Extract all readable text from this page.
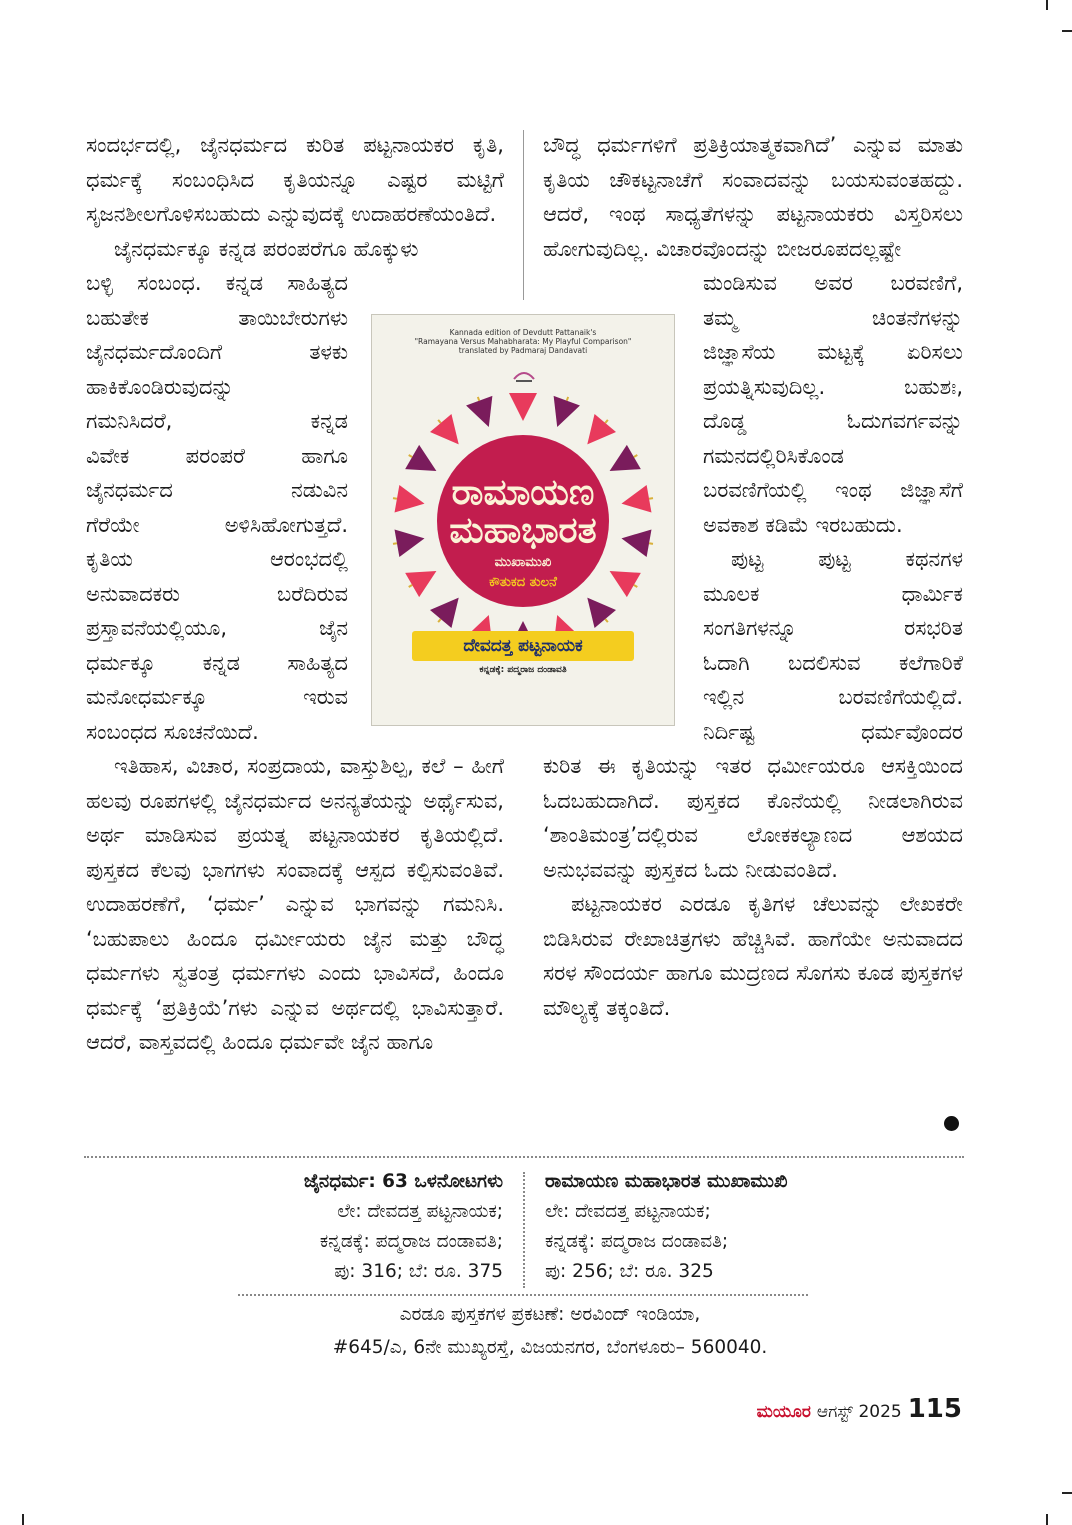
ಸಂದರ್ಭದಲ್ಲಿ, ಜೈನಧರ್ಮದ ಕುರಿತ ಪಟ್ಟನಾಯಕರ ಕೃತಿ, ಧರ್ಮಕ್ಕೆ ಸಂಬಂಧಿಸಿದ ಕೃತಿಯನ್ನೂ ಎಷ್ಟರ ಮಟ್ಟಿಗೆ ಸೃಜನಶೀಲಗೊಳಿಸಬಹುದು ಎನ್ನುವುದಕ್ಕೆ ಉದಾಹರಣೆಯಂತಿದೆ.

ಜೈನಧರ್ಮಕ್ಕೂ ಕನ್ನಡ ಪರಂಪರೆಗೂ ಹೊಕ್ಕುಳು

ಬಳ್ಳಿ ಸಂಬಂಧ. ಕನ್ನಡ ಸಾಹಿತ್ಯದ
ಬಹುತೇಕ ತಾಯಿಬೇರುಗಳು
ಜೈನಧರ್ಮದೊಂದಿಗೆ ತಳಕು
ಹಾಕಿಕೊಂಡಿರುವುದನ್ನು
ಗಮನಿಸಿದರೆ, ಕನ್ನಡ
ವಿವೇಕ ಪರಂಪರೆ ಹಾಗೂ
ಜೈನಧರ್ಮದ ನಡುವಿನ
ಗೆರೆಯೇ ಅಳಿಸಿಹೋಗುತ್ತದೆ.
ಕೃತಿಯ ಆರಂಭದಲ್ಲಿ
ಅನುವಾದಕರು ಬರೆದಿರುವ
ಪ್ರಸ್ತಾವನೆಯಲ್ಲಿಯೂ, ಜೈನ
ಧರ್ಮಕ್ಕೂ ಕನ್ನಡ ಸಾಹಿತ್ಯದ
ಮನೋಧರ್ಮಕ್ಕೂ ಇರುವ
ಸಂಬಂಧದ ಸೂಚನೆಯಿದೆ.

ಇತಿಹಾಸ, ವಿಚಾರ, ಸಂಪ್ರದಾಯ, ವಾಸ್ತುಶಿಲ್ಪ, ಕಲೆ – ಹೀಗೆ ಹಲವು ರೂಪಗಳಲ್ಲಿ ಜೈನಧರ್ಮದ ಅನನ್ಯತೆಯನ್ನು ಅರ್ಥೈಸುವ, ಅರ್ಥ ಮಾಡಿಸುವ ಪ್ರಯತ್ನ ಪಟ್ಟನಾಯಕರ ಕೃತಿಯಲ್ಲಿದೆ. ಪುಸ್ತಕದ ಕೆಲವು ಭಾಗಗಳು ಸಂವಾದಕ್ಕೆ ಆಸ್ಪದ ಕಲ್ಪಿಸುವಂತಿವೆ. ಉದಾಹರಣೆಗೆ, ‘ಧರ್ಮ’ ಎನ್ನುವ ಭಾಗವನ್ನು ಗಮನಿಸಿ. ‘ಬಹುಪಾಲು ಹಿಂದೂ ಧರ್ಮೀಯರು ಜೈನ ಮತ್ತು ಬೌದ್ಧ ಧರ್ಮಗಳು ಸ್ವತಂತ್ರ ಧರ್ಮಗಳು ಎಂದು ಭಾವಿಸದೆ, ಹಿಂದೂ ಧರ್ಮಕ್ಕೆ ‘ಪ್ರತಿಕ್ರಿಯೆ’ಗಳು ಎನ್ನುವ ಅರ್ಥದಲ್ಲಿ ಭಾವಿಸುತ್ತಾರೆ. ಆದರೆ, ವಾಸ್ತವದಲ್ಲಿ ಹಿಂದೂ ಧರ್ಮವೇ ಜೈನ ಹಾಗೂ

ಬೌದ್ಧ ಧರ್ಮಗಳಿಗೆ ಪ್ರತಿಕ್ರಿಯಾತ್ಮಕವಾಗಿದೆ’ ಎನ್ನುವ ಮಾತು ಕೃತಿಯ ಚೌಕಟ್ಟನಾಚೆಗೆ ಸಂವಾದವನ್ನು ಬಯಸುವಂತಹದ್ದು. ಆದರೆ, ಇಂಥ ಸಾಧ್ಯತೆಗಳನ್ನು ಪಟ್ಟನಾಯಕರು ವಿಸ್ತರಿಸಲು ಹೋಗುವುದಿಲ್ಲ. ವಿಚಾರವೊಂದನ್ನು ಬೀಜರೂಪದಲ್ಲಷ್ಟೇ

ಮಂಡಿಸುವ ಅವರ ಬರವಣಿಗೆ,
ತಮ್ಮ ಚಿಂತನೆಗಳನ್ನು
ಜಿಜ್ಞಾಸೆಯ ಮಟ್ಟಕ್ಕೆ ಏರಿಸಲು
ಪ್ರಯತ್ನಿಸುವುದಿಲ್ಲ. ಬಹುಶಃ,
ದೊಡ್ಡ ಓದುಗವರ್ಗವನ್ನು
ಗಮನದಲ್ಲಿರಿಸಿಕೊಂಡ
ಬರವಣಿಗೆಯಲ್ಲಿ ಇಂಥ ಜಿಜ್ಞಾಸೆಗೆ
ಅವಕಾಶ ಕಡಿಮೆ ಇರಬಹುದು.
ಪುಟ್ಟ ಪುಟ್ಟ ಕಥನಗಳ
ಮೂಲಕ ಧಾರ್ಮಿಕ
ಸಂಗತಿಗಳನ್ನೂ ರಸಭರಿತ
ಓದಾಗಿ ಬದಲಿಸುವ ಕಲೆಗಾರಿಕೆ
ಇಲ್ಲಿನ ಬರವಣಿಗೆಯಲ್ಲಿದೆ.
ನಿರ್ದಿಷ್ಟ ಧರ್ಮವೊಂದರ

ಕುರಿತ ಈ ಕೃತಿಯನ್ನು ಇತರ ಧರ್ಮೀಯರೂ ಆಸಕ್ತಿಯಿಂದ ಓದಬಹುದಾಗಿದೆ. ಪುಸ್ತಕದ ಕೊನೆಯಲ್ಲಿ ನೀಡಲಾಗಿರುವ ‘ಶಾಂತಿಮಂತ್ರ’ದಲ್ಲಿರುವ ಲೋಕಕಲ್ಯಾಣದ ಆಶಯದ ಅನುಭವವನ್ನು ಪುಸ್ತಕದ ಓದು ನೀಡುವಂತಿದೆ.

ಪಟ್ಟನಾಯಕರ ಎರಡೂ ಕೃತಿಗಳ ಚೆಲುವನ್ನು ಲೇಖಕರೇ ಬಿಡಿಸಿರುವ ರೇಖಾಚಿತ್ರಗಳು ಹೆಚ್ಚಿಸಿವೆ. ಹಾಗೆಯೇ ಅನುವಾದದ ಸರಳ ಸೌಂದರ್ಯ ಹಾಗೂ ಮುದ್ರಣದ ಸೊಗಸು ಕೂಡ ಪುಸ್ತಕಗಳ ಮೌಲ್ಯಕ್ಕೆ ತಕ್ಕಂತಿದೆ.

Kannada edition of Devdutt Pattanaik's
"Ramayana Versus Mahabharata: My Playful Comparison"
translated by Padmaraj Dandavati
ರಾಮಾಯಣ
ಮಹಾಭಾರತ
ಮುಖಾಮುಖಿ
ಕೌತುಕದ ತುಲನೆ
ದೇವದತ್ತ ಪಟ್ಟನಾಯಕ
ಕನ್ನಡಕ್ಕೆ: ಪದ್ಮರಾಜ ದಂಡಾವತಿ
ಜೈನಧರ್ಮ: 63 ಒಳನೋಟಗಳು
ಲೇ: ದೇವದತ್ತ ಪಟ್ಟನಾಯಕ;
ಕನ್ನಡಕ್ಕೆ: ಪದ್ಮರಾಜ ದಂಡಾವತಿ;
ಪು: 316; ಬೆ: ರೂ. 375
ರಾಮಾಯಣ ಮಹಾಭಾರತ ಮುಖಾಮುಖಿ
ಲೇ: ದೇವದತ್ತ ಪಟ್ಟನಾಯಕ;
ಕನ್ನಡಕ್ಕೆ: ಪದ್ಮರಾಜ ದಂಡಾವತಿ;
ಪು: 256; ಬೆ: ರೂ. 325
ಎರಡೂ ಪುಸ್ತಕಗಳ ಪ್ರಕಟಣೆ: ಅರವಿಂದ್ ಇಂಡಿಯಾ,
#645/ಎ, 6ನೇ ಮುಖ್ಯರಸ್ತೆ, ವಿಜಯನಗರ, ಬೆಂಗಳೂರು– 560040.
ಮಯೂರ ಆಗಸ್ಟ್ 2025 115
